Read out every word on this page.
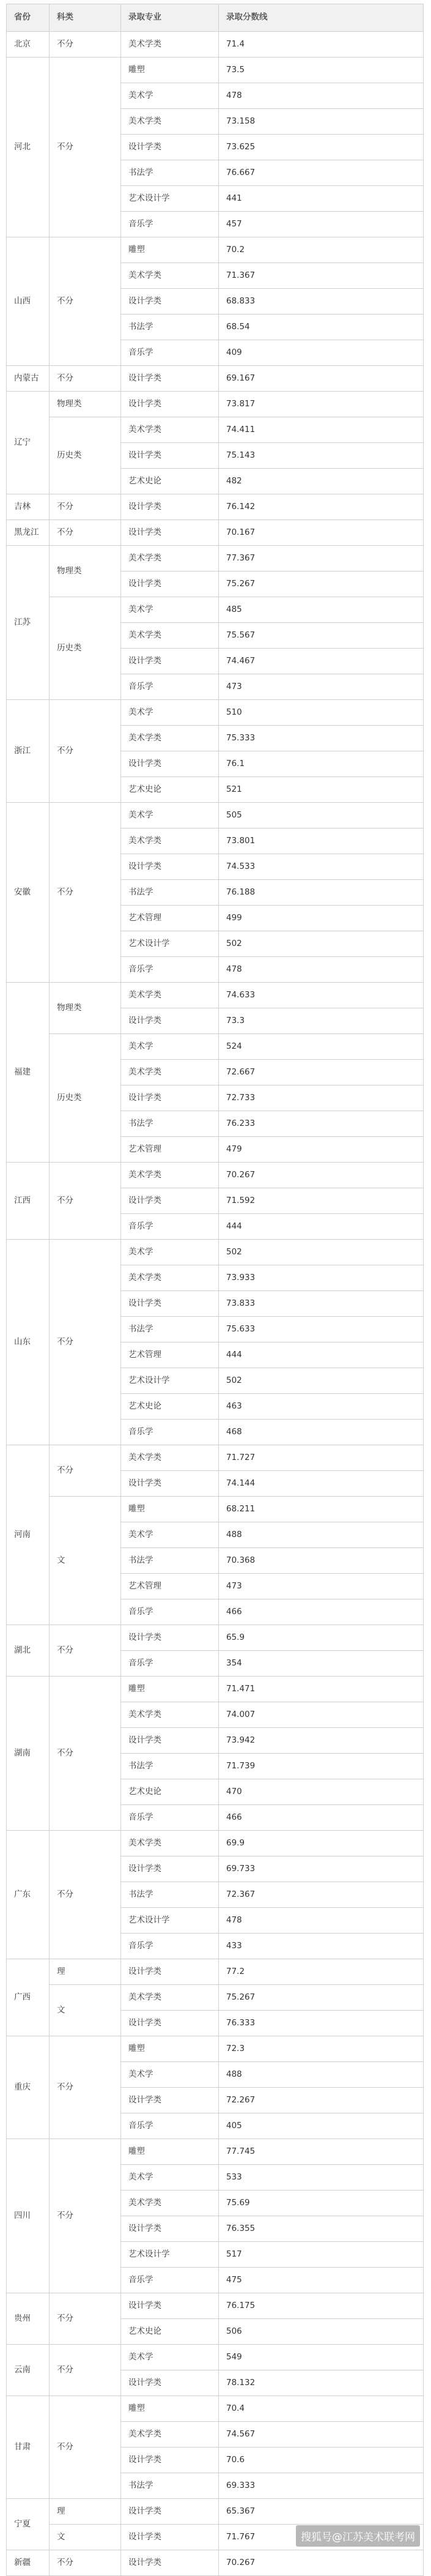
省份	科类	录取专业	录取分数线
北京	不分	美术学类	71.4
河北	不分	雕塑	73.5
		美术学	478
		美术学类	73.158
		设计学类	73.625
		书法学	76.667
		艺术设计学	441
		音乐学	457
山西	不分	雕塑	70.2
		美术学类	71.367
		设计学类	68.833
		书法学	68.54
		音乐学	409
内蒙古	不分	设计学类	69.167
辽宁	物理类	设计学类	73.817
	历史类	美术学类	74.411
		设计学类	75.143
		艺术史论	482
吉林	不分	设计学类	76.142
黑龙江	不分	设计学类	70.167
江苏	物理类	美术学类	77.367
		设计学类	75.267
	历史类	美术学	485
		美术学类	75.567
		设计学类	74.467
		音乐学	473
浙江	不分	美术学	510
		美术学类	75.333
		设计学类	76.1
		艺术史论	521
安徽	不分	美术学	505
		美术学类	73.801
		设计学类	74.533
		书法学	76.188
		艺术管理	499
		艺术设计学	502
		音乐学	478
福建	物理类	美术学类	74.633
		设计学类	73.3
	历史类	美术学	524
		美术学类	72.667
		设计学类	72.733
		书法学	76.233
		艺术管理	479
江西	不分	美术学类	70.267
		设计学类	71.592
		音乐学	444
山东	不分	美术学	502
		美术学类	73.933
		设计学类	73.833
		书法学	75.633
		艺术管理	444
		艺术设计学	502
		艺术史论	463
		音乐学	468
河南	不分	美术学类	71.727
		设计学类	74.144
	文	雕塑	68.211
		美术学	488
		书法学	70.368
		艺术管理	473
		音乐学	466
湖北	不分	设计学类	65.9
		音乐学	354
湖南	不分	雕塑	71.471
		美术学类	74.007
		设计学类	73.942
		书法学	71.739
		艺术史论	470
		音乐学	466
广东	不分	美术学类	69.9
		设计学类	69.733
		书法学	72.367
		艺术设计学	478
		音乐学	433
广西	理	设计学类	77.2
	文	美术学类	75.267
		设计学类	76.333
重庆	不分	雕塑	72.3
		美术学	488
		设计学类	72.267
		音乐学	405
四川	不分	雕塑	77.745
		美术学	533
		美术学类	75.69
		设计学类	76.355
		艺术设计学	517
		音乐学	475
贵州	不分	设计学类	76.175
		艺术史论	506
云南	不分	美术学	549
		设计学类	78.132
甘肃	不分	雕塑	70.4
		美术学类	74.567
		设计学类	70.6
		书法学	69.333
宁夏	理	设计学类	65.367
	文	设计学类	71.767
新疆	不分	设计学类	70.267
搜狐号@江苏美术联考网
